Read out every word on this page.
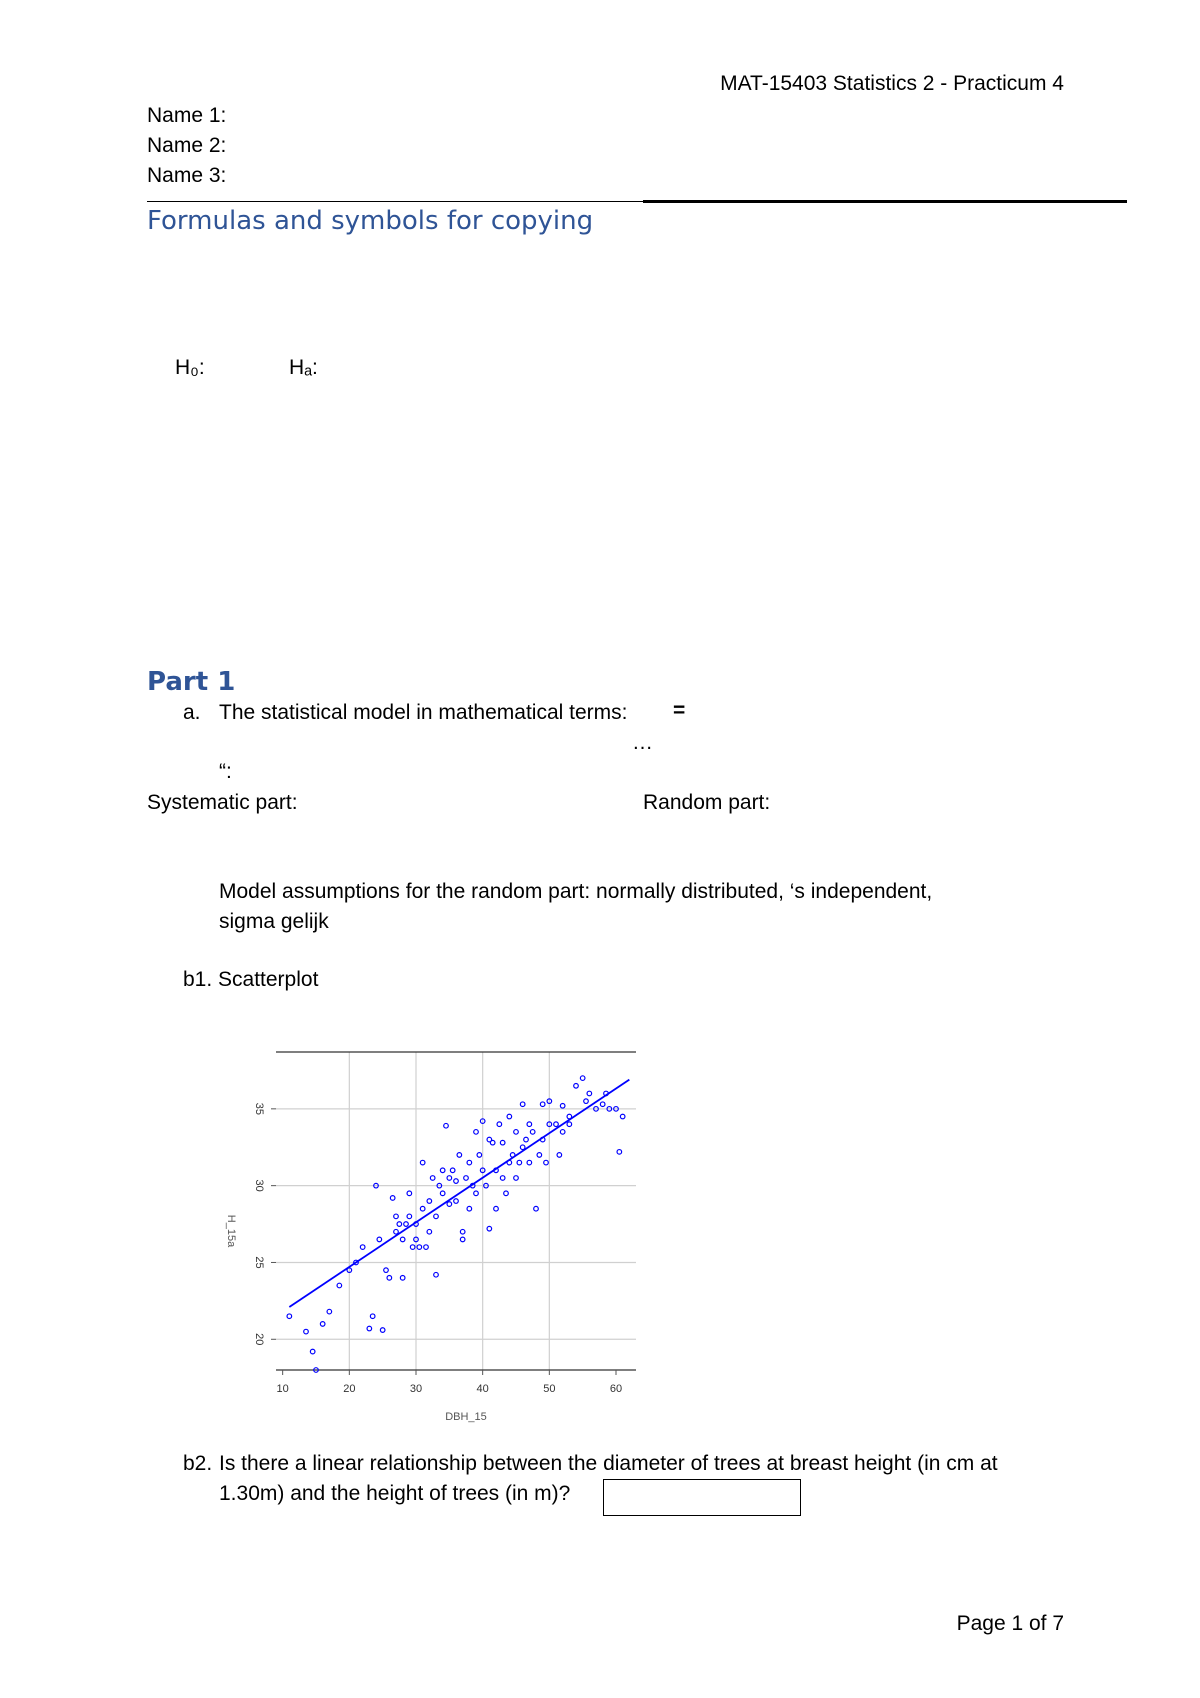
MAT-15403 Statistics 2 - Practicum 4
Name 1:
Name 2:
Name 3:
Formulas and symbols for copying
H₀:	Hₐ:
Part 1
a. The statistical model in mathematical terms: =
…
“:
Systematic part:	Random part:
Model assumptions for the random part: normally distributed, ‘s independent,
sigma gelijk
b1. Scatterplot
10	20	30	40	50	60
20
25
30
35
DBH_15
H_15a
b2. Is there a linear relationship between the diameter of trees at breast height (in cm at
1.30m) and the height of trees (in m)?
Page 1 of 7
